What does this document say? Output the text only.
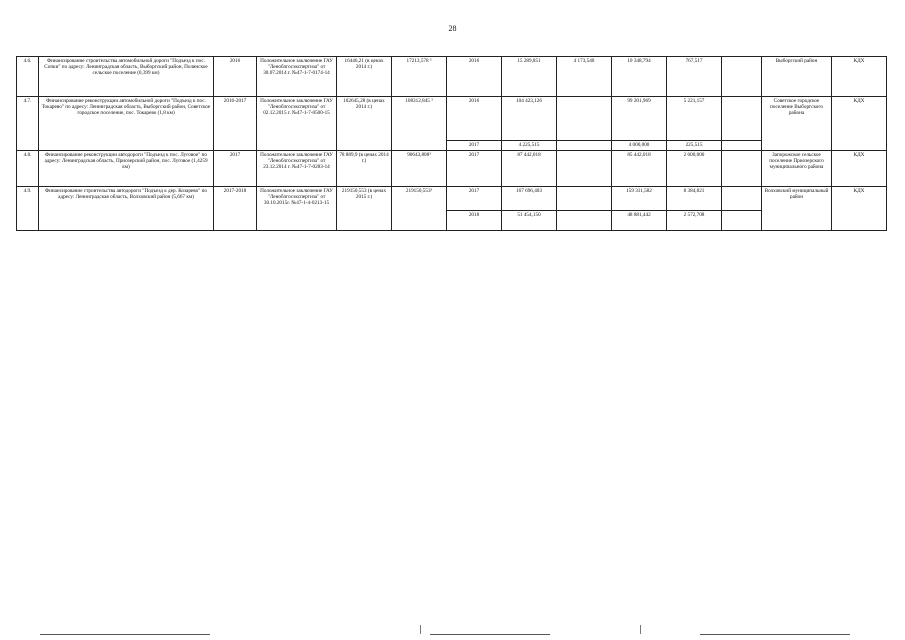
28
4.6.	Финансирование строительства автомобильной дороги "Подъезд к пос. Сопки" по адресу: Ленинградская область, Выборгский район, Полянское сельское поселение (0,399 км)	2016	Положительное заключение ГАУ "Леноблгосэкспертиза" от 30.07.2014 г. №47-1-7-0174-14	16446,21 (в ценах 2014 г.)	17213,578 ³	2016	15 289,851	4 173,540	10 348,794	767,517		Выборгский район	КДХ
4.7.	Финансирование реконструкции автомобильной дороги "Подъезд к пос. Токарево" по адресу: Ленинградская область, Выборгский район, Советское городское поселение, пос. Токарево (1,8 км)	2016-2017	Положительное заключение ГАУ "Леноблгосэкспертиза" от 02.12.2015 г. №47-1-7-0500-15	102645,28 (в ценах 2014 г.)	108312,845 ³	2016	104 423,126		99 201,969	5 221,157		Советское городское поселение Выборгского района	КДХ
						2017	4 225,515		4 000,000	225,515			
4.8.	Финансирование реконструкции автодороги "Подъезд к пос. Луговое" по адресу: Ленинградская область, Приозерский район, пос. Луговое (1,4259 км)	2017	Положительное заключение ГАУ "Леноблгосэкспертиза" от 23.12.2014 г. №47-1-7-0283-14	78 889,9 (в ценах 2014 г.)	90643,808³	2017	87 442,018		85 442,018	2 000,000		Запорожское сельское поселение Приозерского муниципального района	КДХ
4.9.	Финансирование строительства автодороги "Подъезд к дер. Козарево" по адресу: Ленинградская область, Волховский район (5,667 км)	2017-2018	Положительное заключение ГАУ "Леноблгосэкспертиза" от 30.10.2015г. №47-1-4-0213-15	219150,553 (в ценах 2015 г.)	219150,553³	2017	167 696,403		159 311,582	8 384,821		Волховский муниципальный район	КДХ
						2018	51 454,150		48 881,442	2 572,708			
